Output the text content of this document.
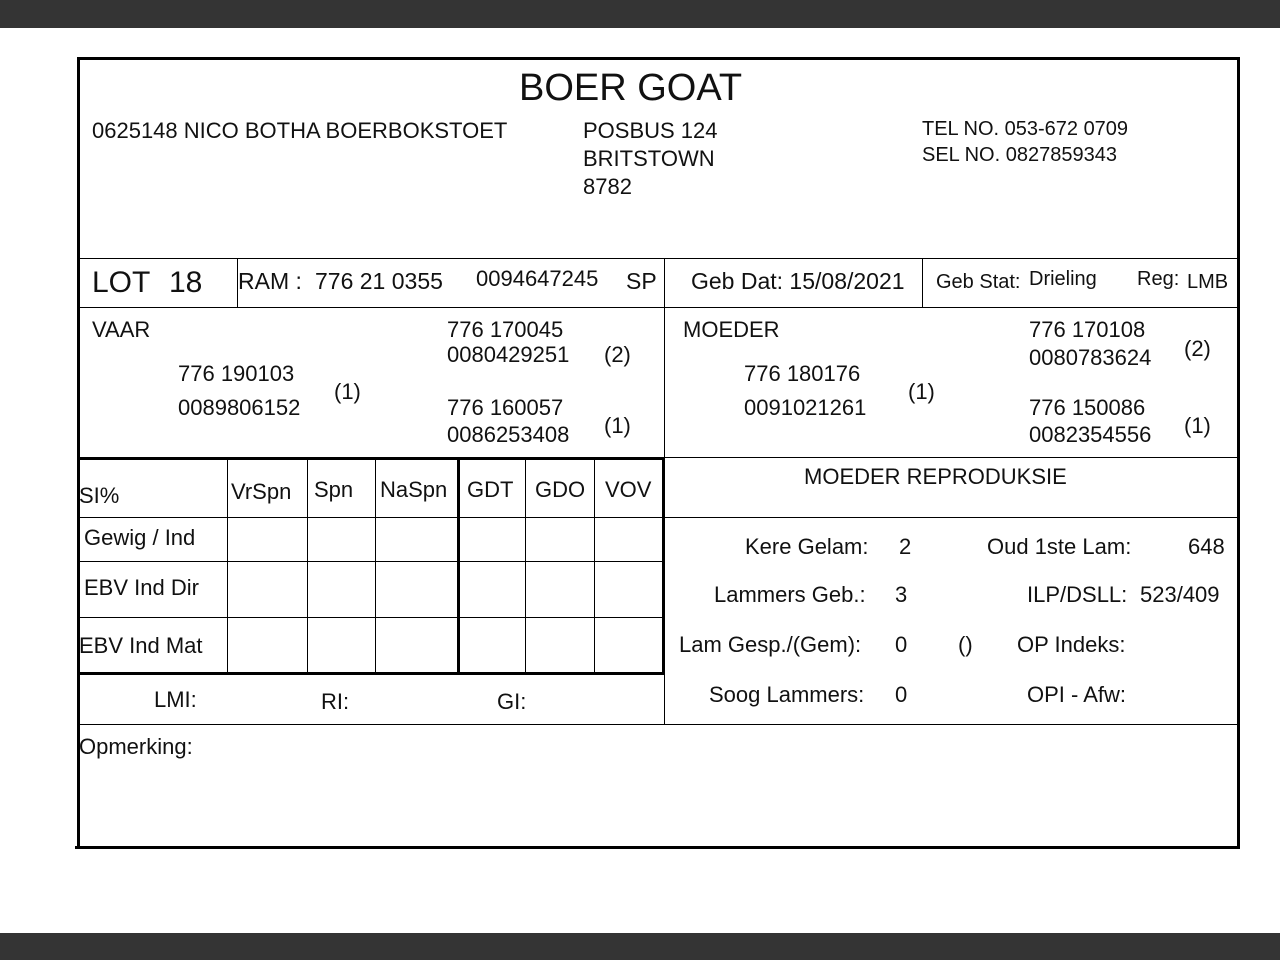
BOER GOAT
0625148 NICO BOTHA BOERBOKSTOET	POSBUS 124
BRITSTOWN
8782
TEL NO. 053-672 0709
SEL NO. 0827859343
LOT 18 RAM : 776 21 0355 0094647245 SP Geb Dat: 15/08/2021 Geb Stat: Drieling Reg: LMB
VAAR
776 190103
0089806152
(1)
776 170045
0080429251 (2)
776 160057
0086253408 (1)
MOEDER
776 180176
0091021261
(1)
776 170108
0080783624 (2)
776 150086
0082354556 (1)
SI%	VrSpn Spn NaSpn GDT GDO VOV
Gewig / Ind
EBV Ind Dir
EBV Ind Mat
LMI:	RI:	GI:
MOEDER REPRODUKSIE
Kere Gelam: 2	Oud 1ste Lam:	648
Lammers Geb.: 3	ILP/DSLL: 523/409
Lam Gesp./(Gem): 0 () OP Indeks:
Soog Lammers: 0	OPI - Afw:
Opmerking:
